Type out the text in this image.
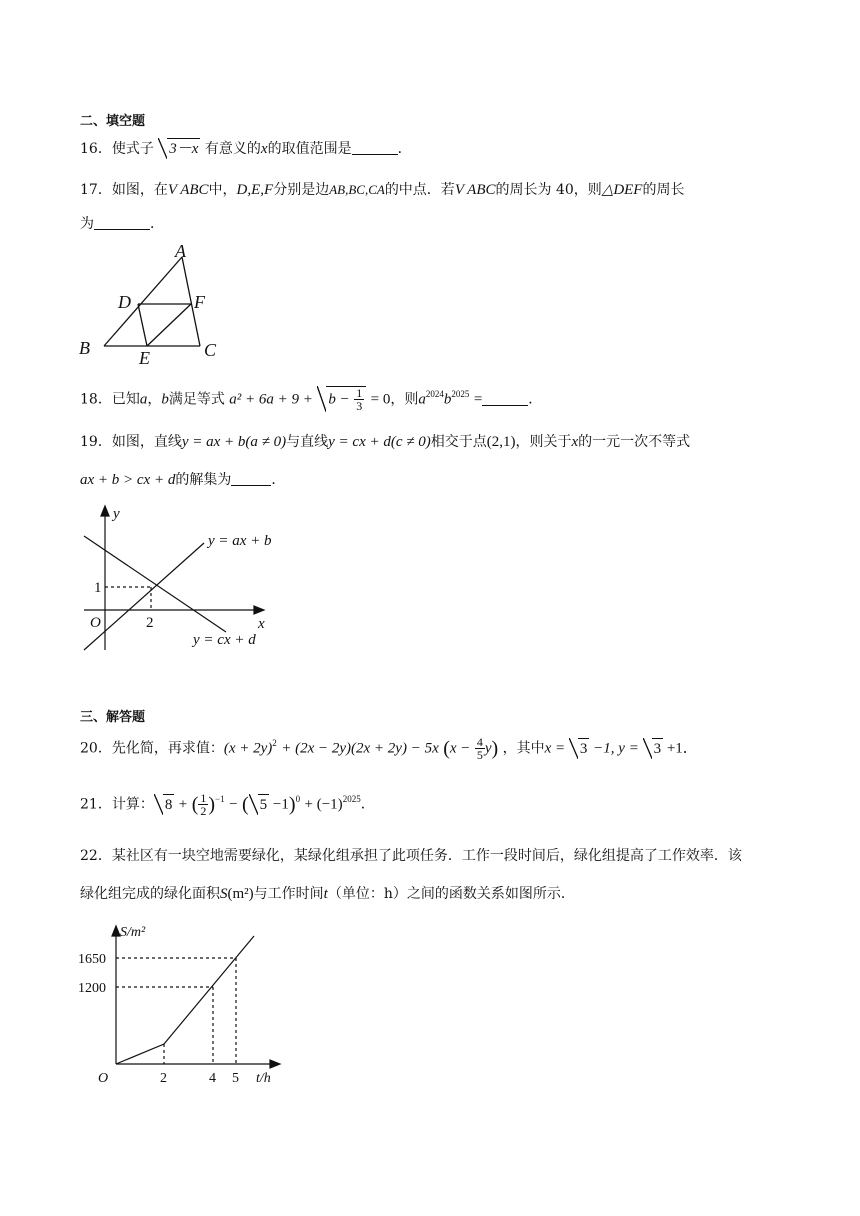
二、填空题
16．使式子 3－x 有意义的x的取值范围是	．
17．如图，在V ABC中，D,E,F分别是边AB,BC,CA的中点．若V ABC的周长为 40，则△DEF的周长
为	．
A
B	C
D
E
F
18．已知a，b满足等式 $a^2 + 6a + 9 + b - \frac{1}{3} = 0$，则$a^{2024}b^{2025}$ =	．
19．如图，直线y = ax + b(a ≠ 0)与直线y = cx + d(c ≠ 0)相交于点(2,1)，则关于x的一元一次不等式
ax + b > cx + d的解集为	．
y
x
O	2
1
y = ax + b
y = cx + d
三、解答题
20．先化简，再求值：$(x + 2y)^2 + (2x - 2y)(2x + 2y) - 5x$ $(x - \frac{4}{5} y)$ ，其中x = 3 −1, y = 3 +1．
21．计算： 8 + ( $\frac{1}{2} )^{-1}$ − ( $5 -1)^0 + (-1)^{2025}$．
22．某社区有一块空地需要绿化，某绿化组承担了此项任务．工作一段时间后，绿化组提高了工作效率．该
绿化组完成的绿化面积S(m²)与工作时间t（单位：h）之间的函数关系如图所示．
S/m²
t/h
O
1650
1200
2	4 5
